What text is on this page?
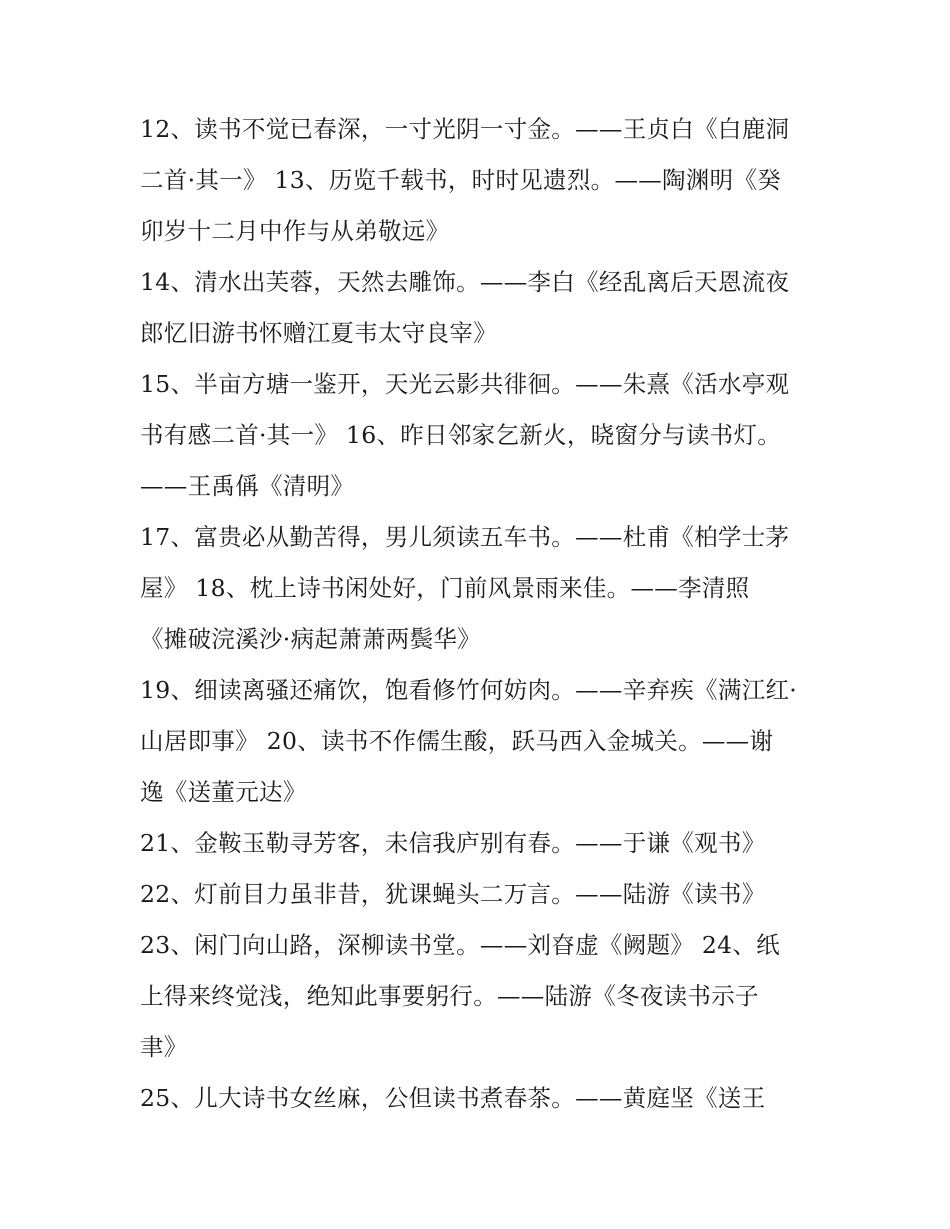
12、读书不觉已春深，一寸光阴一寸金。——王贞白《白鹿洞
二首·其一》 13、历览千载书，时时见遗烈。——陶渊明《癸
卯岁十二月中作与从弟敬远》
14、清水出芙蓉，天然去雕饰。——李白《经乱离后天恩流夜
郎忆旧游书怀赠江夏韦太守良宰》
15、半亩方塘一鉴开，天光云影共徘徊。——朱熹《活水亭观
书有感二首·其一》 16、昨日邻家乞新火，晓窗分与读书灯。
——王禹偁《清明》
17、富贵必从勤苦得，男儿须读五车书。——杜甫《柏学士茅
屋》 18、枕上诗书闲处好，门前风景雨来佳。——李清照
《摊破浣溪沙·病起萧萧两鬓华》
19、细读离骚还痛饮，饱看修竹何妨肉。——辛弃疾《满江红·
山居即事》 20、读书不作儒生酸，跃马西入金城关。——谢
逸《送董元达》
21、金鞍玉勒寻芳客，未信我庐别有春。——于谦《观书》
22、灯前目力虽非昔，犹课蝇头二万言。——陆游《读书》
23、闲门向山路，深柳读书堂。——刘昚虚《阙题》 24、纸
上得来终觉浅，绝知此事要躬行。——陆游《冬夜读书示子
聿》
25、儿大诗书女丝麻，公但读书煮春茶。——黄庭坚《送王
